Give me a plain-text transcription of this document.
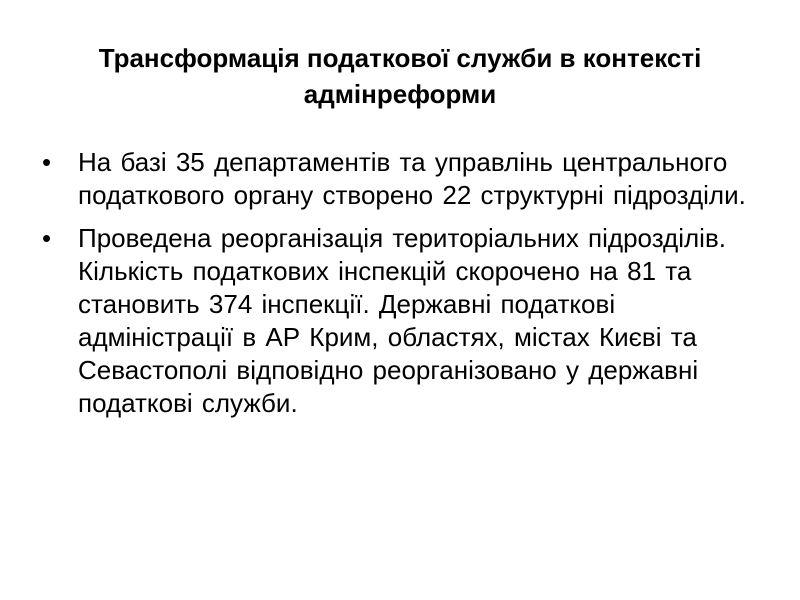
Трансформація податкової служби в контексті адмінреформи
• На базі 35 департаментів та управлінь центрального податкового органу створено 22 структурні підрозділи.
• Проведена реорганізація територіальних підрозділів. Кількість податкових інспекцій скорочено на 81 та становить 374 інспекції. Державні податкові адміністрації в АР Крим, областях, містах Києві та Севастополі відповідно реорганізовано у державні податкові служби.
